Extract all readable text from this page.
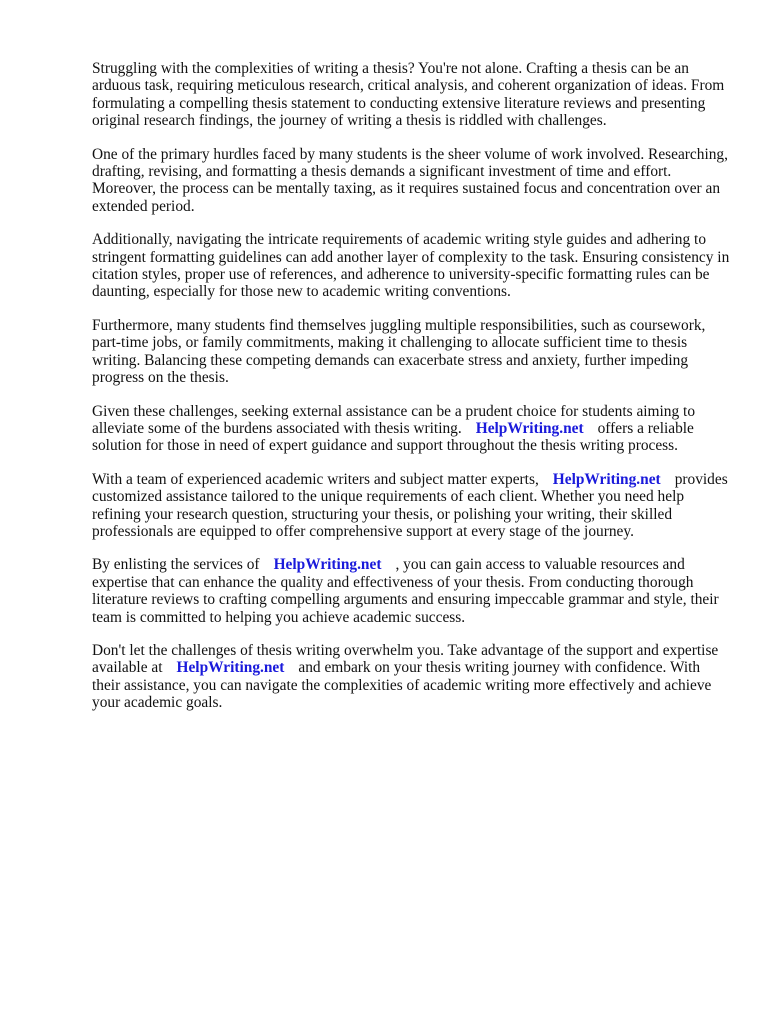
Struggling with the complexities of writing a thesis? You're not alone. Crafting a thesis can be an arduous task, requiring meticulous research, critical analysis, and coherent organization of ideas. From formulating a compelling thesis statement to conducting extensive literature reviews and presenting original research findings, the journey of writing a thesis is riddled with challenges.

One of the primary hurdles faced by many students is the sheer volume of work involved. Researching, drafting, revising, and formatting a thesis demands a significant investment of time and effort. Moreover, the process can be mentally taxing, as it requires sustained focus and concentration over an extended period.

Additionally, navigating the intricate requirements of academic writing style guides and adhering to stringent formatting guidelines can add another layer of complexity to the task. Ensuring consistency in citation styles, proper use of references, and adherence to university-specific formatting rules can be daunting, especially for those new to academic writing conventions.

Furthermore, many students find themselves juggling multiple responsibilities, such as coursework, part-time jobs, or family commitments, making it challenging to allocate sufficient time to thesis writing. Balancing these competing demands can exacerbate stress and anxiety, further impeding progress on the thesis.

Given these challenges, seeking external assistance can be a prudent choice for students aiming to alleviate some of the burdens associated with thesis writing. HelpWriting.net offers a reliable solution for those in need of expert guidance and support throughout the thesis writing process.

With a team of experienced academic writers and subject matter experts, HelpWriting.net provides customized assistance tailored to the unique requirements of each client. Whether you need help refining your research question, structuring your thesis, or polishing your writing, their skilled professionals are equipped to offer comprehensive support at every stage of the journey.

By enlisting the services of HelpWriting.net , you can gain access to valuable resources and expertise that can enhance the quality and effectiveness of your thesis. From conducting thorough literature reviews to crafting compelling arguments and ensuring impeccable grammar and style, their team is committed to helping you achieve academic success.

Don't let the challenges of thesis writing overwhelm you. Take advantage of the support and expertise available at HelpWriting.net and embark on your thesis writing journey with confidence. With their assistance, you can navigate the complexities of academic writing more effectively and achieve your academic goals.
